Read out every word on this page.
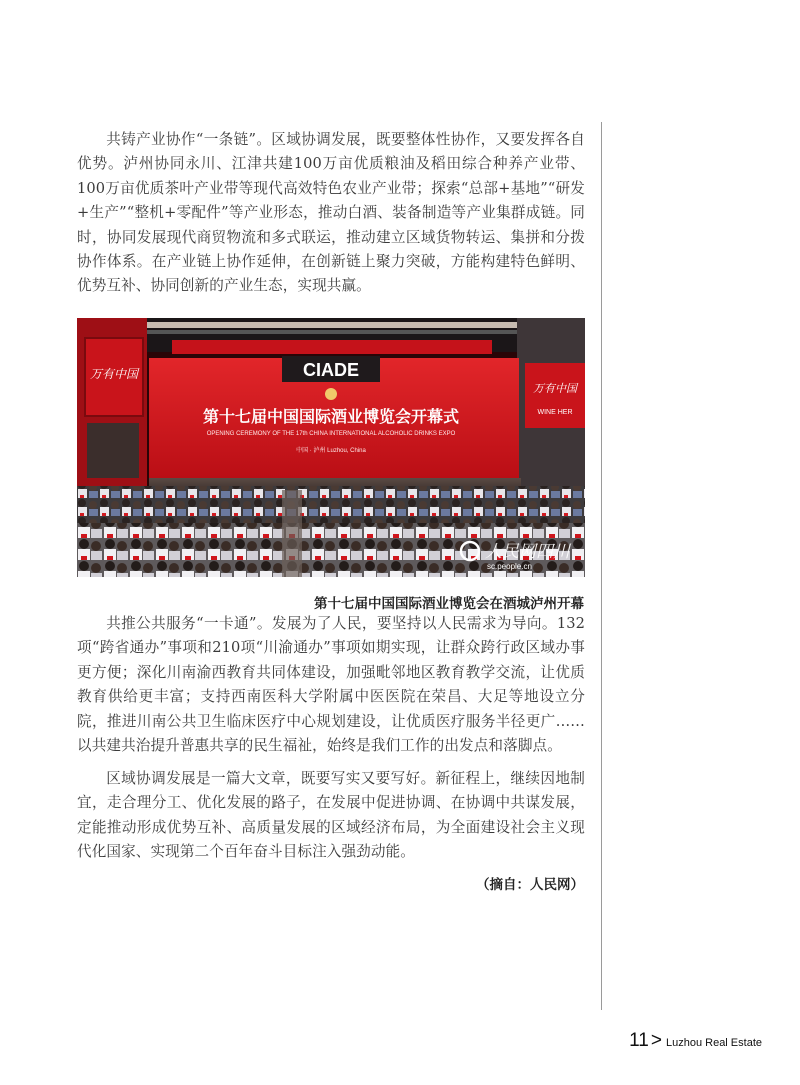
共铸产业协作“一条链”。区域协调发展，既要整体性协作，又要发挥各自优势。泸州协同永川、江津共建100万亩优质粮油及稻田综合种养产业带、100万亩优质茶叶产业带等现代高效特色农业产业带；探索“总部+基地”“研发+生产”“整机+零配件”等产业形态，推动白酒、装备制造等产业集群成链。同时，协同发展现代商贸物流和多式联运，推动建立区域货物转运、集拼和分拨协作体系。在产业链上协作延伸，在创新链上聚力突破，方能构建特色鲜明、优势互补、协同创新的产业生态，实现共赢。

万有中国
万有中国
WINE HER
CIADE
第十七届中国国际酒业博览会开幕式
OPENING CEREMONY OF THE 17th CHINA INTERNATIONAL ALCOHOLIC DRINKS EXPO
中国 · 泸州 Luzhou, China
人民网四川
sc.people.cn
第十七届中国国际酒业博览会在酒城泸州开幕

共推公共服务“一卡通”。发展为了人民，要坚持以人民需求为导向。132项“跨省通办”事项和210项“川渝通办”事项如期实现，让群众跨行政区域办事更方便；深化川南渝西教育共同体建设，加强毗邻地区教育教学交流，让优质教育供给更丰富；支持西南医科大学附属中医医院在荣昌、大足等地设立分院，推进川南公共卫生临床医疗中心规划建设，让优质医疗服务半径更广……以共建共治提升普惠共享的民生福祉，始终是我们工作的出发点和落脚点。

区域协调发展是一篇大文章，既要写实又要写好。新征程上，继续因地制宜，走合理分工、优化发展的路子，在发展中促进协调、在协调中共谋发展，定能推动形成优势互补、高质量发展的区域经济布局，为全面建设社会主义现代化国家、实现第二个百年奋斗目标注入强劲动能。

（摘自：人民网）
11 > Luzhou Real Estate
